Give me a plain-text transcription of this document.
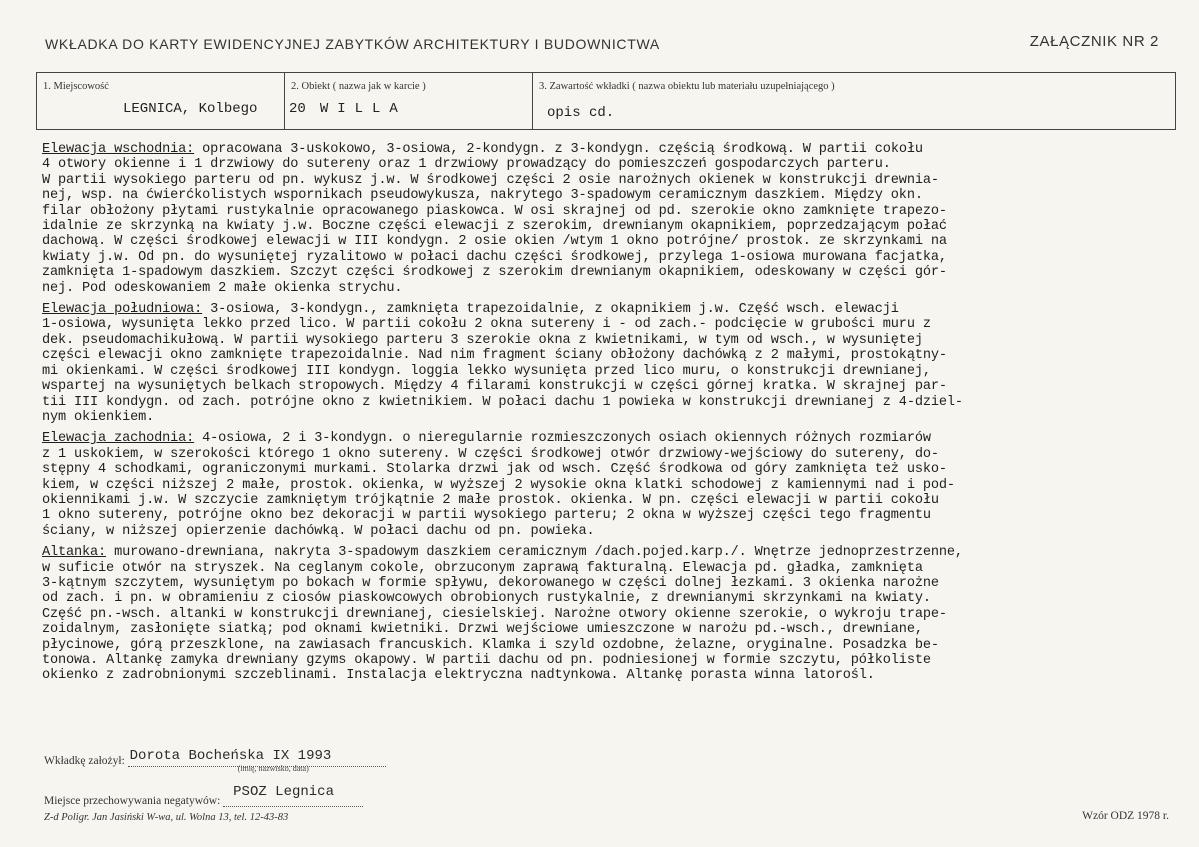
WKŁADKA DO KARTY EWIDENCYJNEJ ZABYTKÓW ARCHITEKTURY I BUDOWNICTWA	ZAŁĄCZNIK NR 2
1. Miejscowość
LEGNICA, Kolbego
2. Obiekt ( nazwa jak w karcie )
20 WILLA
3. Zawartość wkładki ( nazwa obiektu lub materiału uzupełniającego )
opis cd.
Elewacja wschodnia: opracowana 3-uskokowo, 3-osiowa, 2-kondygn. z 3-kondygn. częścią środkową. W partii cokołu
4 otwory okienne i 1 drzwiowy do sutereny oraz 1 drzwiowy prowadzący do pomieszczeń gospodarczych parteru.
W partii wysokiego parteru od pn. wykusz j.w. W środkowej części 2 osie narożnych okienek w konstrukcji drewnia-
nej, wsp. na ćwierćkolistych wspornikach pseudowykusza, nakrytego 3-spadowym ceramicznym daszkiem. Między okn.
filar obłożony płytami rustykalnie opracowanego piaskowca. W osi skrajnej od pd. szerokie okno zamknięte trapezo-
idalnie ze skrzynką na kwiaty j.w. Boczne części elewacji z szerokim, drewnianym okapnikiem, poprzedzającym połać
dachową. W części środkowej elewacji w III kondygn. 2 osie okien /wtym 1 okno potrójne/ prostok. ze skrzynkami na
kwiaty j.w. Od pn. do wysuniętej ryzalitowo w połaci dachu części środkowej, przylega 1-osiowa murowana facjatka,
zamknięta 1-spadowym daszkiem. Szczyt części środkowej z szerokim drewnianym okapnikiem, odeskowany w części gór-
nej. Pod odeskowaniem 2 małe okienka strychu.
Elewacja południowa: 3-osiowa, 3-kondygn., zamknięta trapezoidalnie, z okapnikiem j.w. Część wsch. elewacji
1-osiowa, wysunięta lekko przed lico. W partii cokołu 2 okna sutereny i - od zach.- podcięcie w grubości muru z
dek. pseudomachikułową. W partii wysokiego parteru 3 szerokie okna z kwietnikami, w tym od wsch., w wysuniętej
części elewacji okno zamknięte trapezoidalnie. Nad nim fragment ściany obłożony dachówką z 2 małymi, prostokątny-
mi okienkami. W części środkowej III kondygn. loggia lekko wysunięta przed lico muru, o konstrukcji drewnianej,
wspartej na wysuniętych belkach stropowych. Między 4 filarami konstrukcji w części górnej kratka. W skrajnej par-
tii III kondygn. od zach. potrójne okno z kwietnikiem. W połaci dachu 1 powieka w konstrukcji drewnianej z 4-dziel-
nym okienkiem.
Elewacja zachodnia: 4-osiowa, 2 i 3-kondygn. o nieregularnie rozmieszczonych osiach okiennych różnych rozmiarów
z 1 uskokiem, w szerokości którego 1 okno sutereny. W części środkowej otwór drzwiowy-wejściowy do sutereny, do-
stępny 4 schodkami, ograniczonymi murkami. Stolarka drzwi jak od wsch. Część środkowa od góry zamknięta też usko-
kiem, w części niższej 2 małe, prostok. okienka, w wyższej 2 wysokie okna klatki schodowej z kamiennymi nad i pod-
okiennikami j.w. W szczycie zamkniętym trójkątnie 2 małe prostok. okienka. W pn. części elewacji w partii cokołu
1 okno sutereny, potrójne okno bez dekoracji w partii wysokiego parteru; 2 okna w wyższej części tego fragmentu
ściany, w niższej opierzenie dachówką. W połaci dachu od pn. powieka.
Altanka: murowano-drewniana, nakryta 3-spadowym daszkiem ceramicznym /dach.pojed.karp./. Wnętrze jednoprzestrzenne,
w suficie otwór na stryszek. Na ceglanym cokole, obrzuconym zaprawą fakturalną. Elewacja pd. gładka, zamknięta
3-kątnym szczytem, wysuniętym po bokach w formie spływu, dekorowanego w części dolnej łezkami. 3 okienka narożne
od zach. i pn. w obramieniu z ciosów piaskowcowych obrobionych rustykalnie, z drewnianymi skrzynkami na kwiaty.
Część pn.-wsch. altanki w konstrukcji drewnianej, ciesielskiej. Narożne otwory okienne szerokie, o wykroju trape-
zoidalnym, zasłonięte siatką; pod oknami kwietniki. Drzwi wejściowe umieszczone w narożu pd.-wsch., drewniane,
płycinowe, górą przeszklone, na zawiasach francuskich. Klamka i szyld ozdobne, żelazne, oryginalne. Posadzka be-
tonowa. Altankę zamyka drewniany gzyms okapowy. W partii dachu od pn. podniesionej w formie szczytu, półkoliste
okienko z zadrobnionymi szczeblinami. Instalacja elektryczna nadtynkowa. Altankę porasta winna latorośl.
Wkładkę założył: Dorota Bocheńska IX 1993
(imię, nazwisko, data)
Miejsce przechowywania negatywów:
PSOZ Legnica
Z-d Poligr. Jan Jasiński W-wa, ul. Wolna 13, tel. 12-43-83	Wzór ODZ 1978 r.
